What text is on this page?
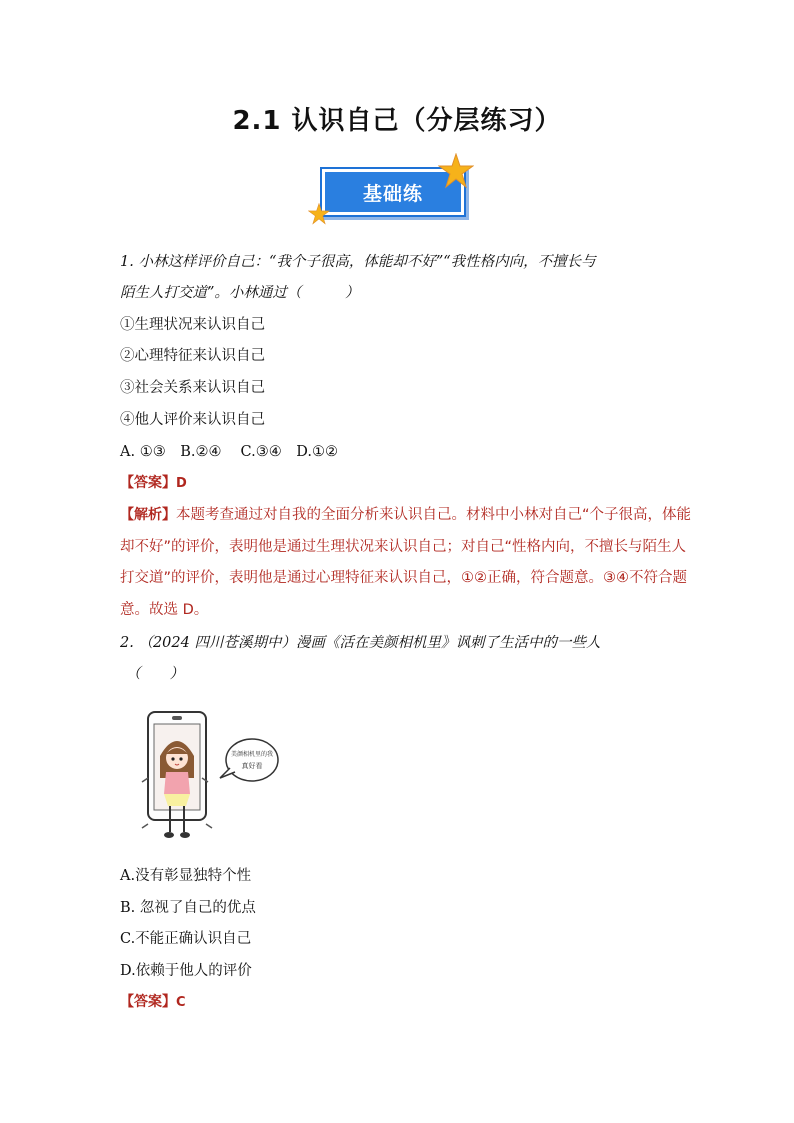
2.1 认识自己（分层练习）
基础练
1. 小林这样评价自己：“我个子很高，体能却不好”“我性格内向，不擅长与
陌生人打交道”。小林通过（　　　）
①生理状况来认识自己
②心理特征来认识自己
③社会关系来认识自己
④他人评价来认识自己
A. ①③　B.②④　 C.③④　D.①②
【答案】D
【解析】本题考查通过对自我的全面分析来认识自己。材料中小林对自己“个子很高，体能
却不好”的评价，表明他是通过生理状况来认识自己；对自己“性格内向，不擅长与陌生人
打交道”的评价，表明他是通过心理特征来认识自己，①②正确，符合题意。③④不符合题
意。故选 D。
2. （2024 四川苍溪期中）漫画《活在美颜相机里》讽刺了生活中的一些人
（　　）
美颜相机里的我
真好看
A.没有彰显独特个性
B. 忽视了自己的优点
C.不能正确认识自己
D.依赖于他人的评价
【答案】C
